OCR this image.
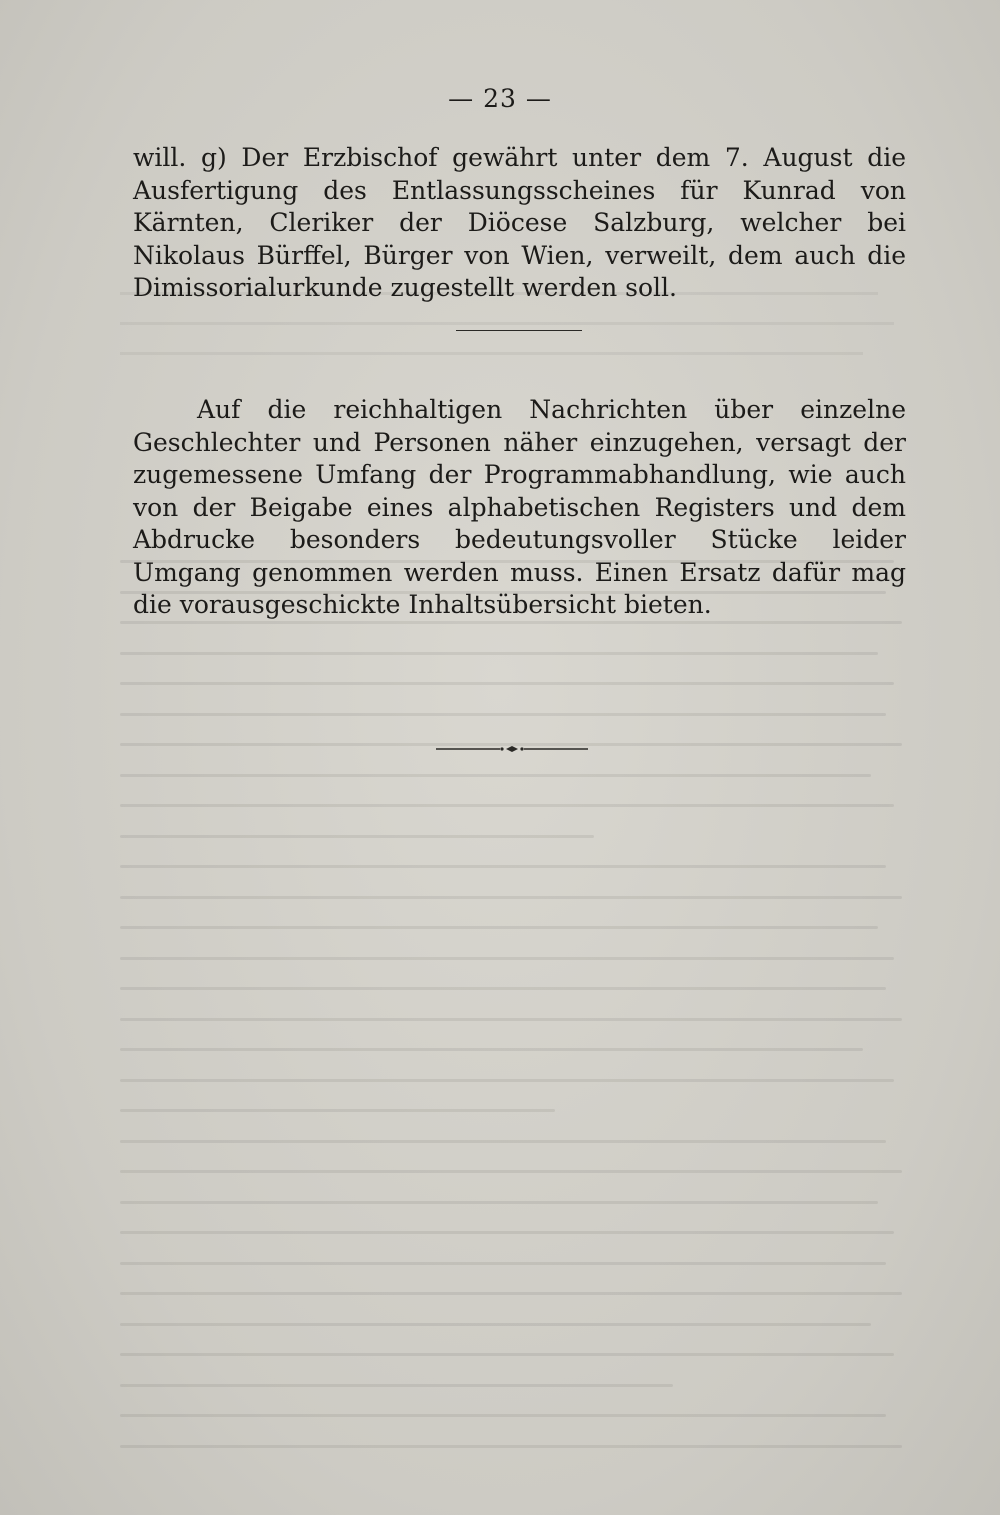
— 23 —

will. g) Der Erzbischof gewährt unter dem 7. August die Ausfertigung des Entlassungsscheines für Kunrad von Kärnten, Cleriker der Diöcese Salzburg, welcher bei Nikolaus Bürffel, Bürger von Wien, verweilt, dem auch die Dimissorialurkunde zugestellt werden soll.

Auf die reichhaltigen Nachrichten über einzelne Geschlechter und Personen näher einzugehen, versagt der zugemessene Umfang der Programmabhandlung, wie auch von der Beigabe eines alphabetischen Registers und dem Abdrucke besonders bedeutungsvoller Stücke leider Umgang genommen werden muss. Einen Ersatz dafür mag die vorausgeschickte Inhaltsübersicht bieten.
